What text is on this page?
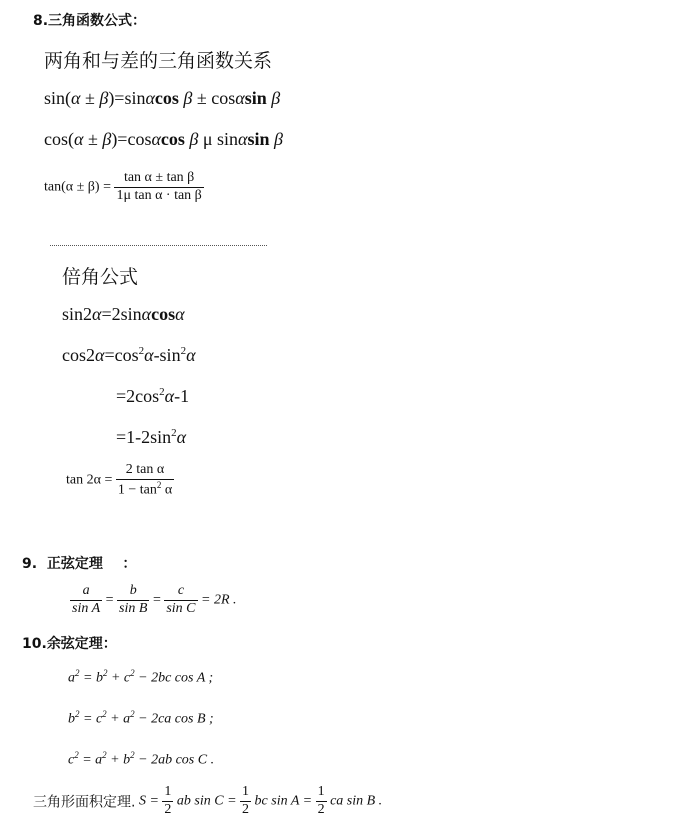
8.三角函数公式：
两角和与差的三角函数关系
sin(α ± β)=sinαcos β ± cosαsin β
cos(α ± β)=cosαcos β μ sinαsin β
$\tan(\alpha \pm \beta) = \frac{\text{tan α ± tan β}}{\text{1μ tan α · tan β}}$
倍角公式
sin2α=2sinαcosα
$\cos 2\alpha=\cos^2\alpha-\sin^2\alpha$
$=2\cos^2\alpha-1$
$=1-2\sin^2\alpha$
$\tan 2\alpha = \frac{\text{2 tan α}}{1 - \tan^2 \alpha}$
9. 正弦定理 ：
$\frac{a}{\text{sin A}} = \frac{b}{\text{sin B}} = \frac{c}{\text{sin C}} = 2R$ .
10.余弦定理：
$a^2 = b^2 + c^2 - 2bc$ cos A ;
$b^2 = c^2 + a^2 - 2ca$ cos B ;
$c^2 = a^2 + b^2 - 2ab$ cos C .
三角形面积定理. $S = \frac{1}{2}$ ab $\sin C = \frac{1}{2}$ bc $\sin A = \frac{1}{2}$ ca sin B .
